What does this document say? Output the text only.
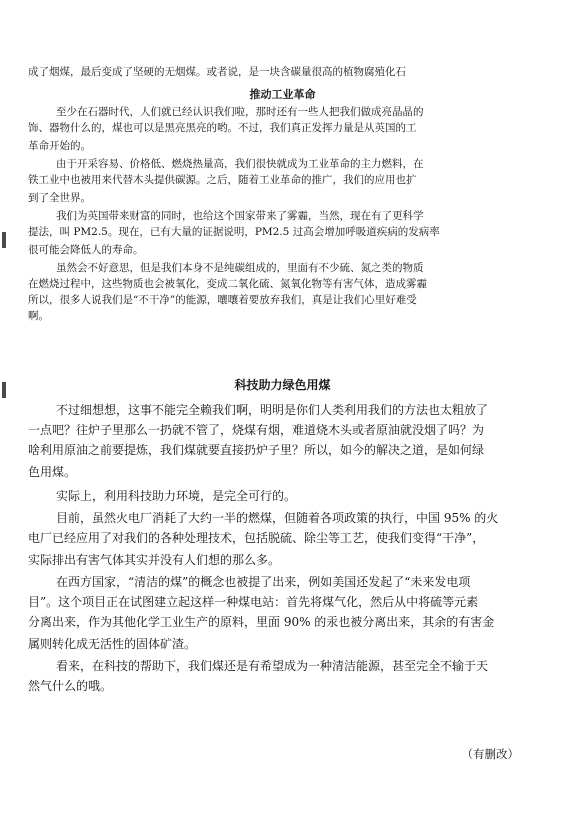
成了烟煤，最后变成了坚硬的无烟煤。或者说，是一块含碳量很高的植物腐殖化石
推动工业革命
至少在石器时代，人们就已经认识我们啦，那时还有一些人把我们做成亮晶晶的
饰、器物什么的，煤也可以是黑亮黑亮的哟。不过，我们真正发挥力量是从英国的工
革命开始的。
由于开采容易、价格低、燃烧热量高，我们很快就成为工业革命的主力燃料，在
铁工业中也被用来代替木头提供碳源。之后，随着工业革命的推广，我们的应用也扩
到了全世界。
我们为英国带来财富的同时，也给这个国家带来了雾霾，当然，现在有了更科学
提法，叫 PM2.5。现在，已有大量的证据说明，PM2.5 过高会增加呼吸道疾病的发病率
很可能会降低人的寿命。
虽然会不好意思，但是我们本身不是纯碳组成的，里面有不少硫、氮之类的物质
在燃烧过程中，这些物质也会被氧化，变成二氧化硫、氮氧化物等有害气体，造成雾霾
所以，很多人说我们是“不干净”的能源，嚷嚷着要放弃我们，真是让我们心里好难受
啊。
科技助力绿色用煤
不过细想想，这事不能完全赖我们啊，明明是你们人类利用我们的方法也太粗放了
一点吧？往炉子里那么一扔就不管了，烧煤有烟，难道烧木头或者原油就没烟了吗？为
啥利用原油之前要提炼，我们煤就要直接扔炉子里？所以，如今的解决之道，是如何绿
色用煤。
实际上，利用科技助力环境，是完全可行的。
目前，虽然火电厂消耗了大约一半的燃煤，但随着各项政策的执行，中国 95% 的火
电厂已经应用了对我们的各种处理技术，包括脱硫、除尘等工艺，使我们变得“干净”，
实际排出有害气体其实并没有人们想的那么多。
在西方国家，“清洁的煤”的概念也被提了出来，例如美国还发起了“未来发电项
目”。这个项目正在试图建立起这样一种煤电站：首先将煤气化，然后从中将硫等元素
分离出来，作为其他化学工业生产的原料，里面 90% 的汞也被分离出来，其余的有害金
属则转化成无活性的固体矿渣。
看来，在科技的帮助下，我们煤还是有希望成为一种清洁能源，甚至完全不输于天
然气什么的哦。
（有删改）
